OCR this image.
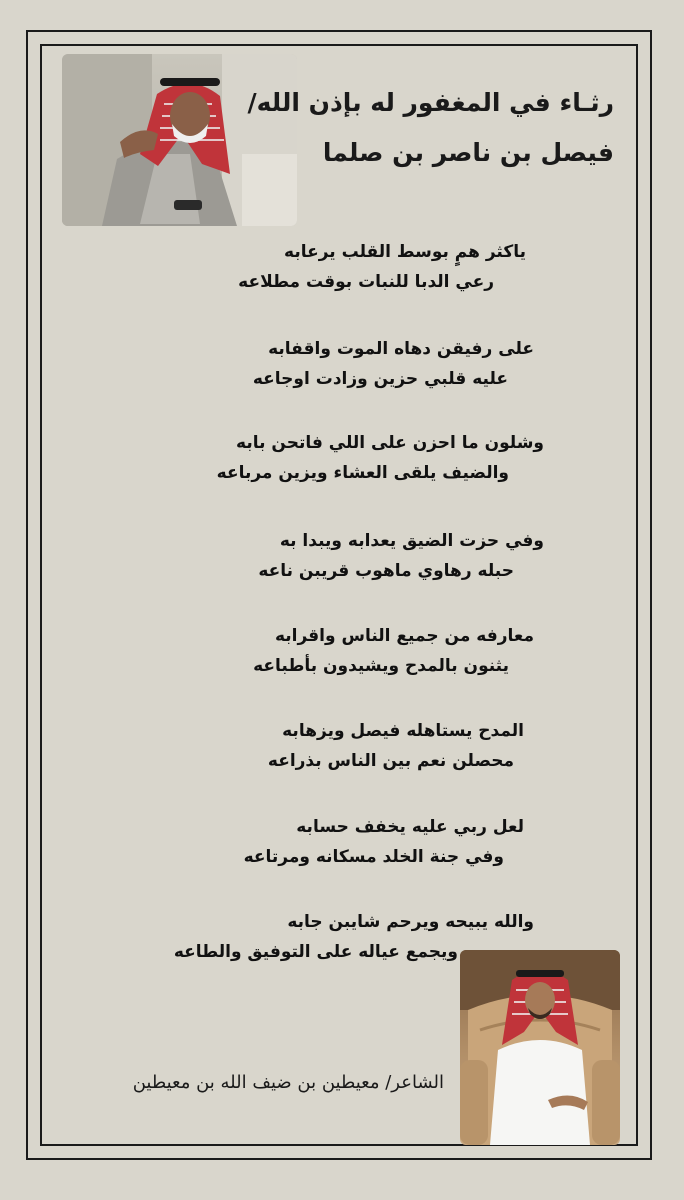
رثـاء في المغفور له بإذن الله/
فيصل بن ناصر بن صلما
ياكثر همٍ بوسط القلب يرعابه
رعي الدبا للنبات بوقت مطلاعه
على رفيقن دهاه الموت واقفابه
عليه قلبي حزين وزادت اوجاعه
وشلون ما احزن على اللي فاتحن بابه
والضيف يلقى العشاء ويزين مرباعه
وفي حزت الضيق يعدابه ويبدا به
حبله رهاوي ماهوب قريبن ناعه
معارفه من جميع الناس واقرابه
يثنون بالمدح ويشيدون بأطباعه
المدح يستاهله فيصل ويزهابه
محصلن نعم بين الناس بذراعه
لعل ربي عليه يخفف حسابه
وفي جنة الخلد مسكانه ومرتاعه
والله يبيحه ويرحم شايبن جابه
ويجمع عياله على التوفيق والطاعه
الشاعر/ معيطين بن ضيف الله بن معيطين
